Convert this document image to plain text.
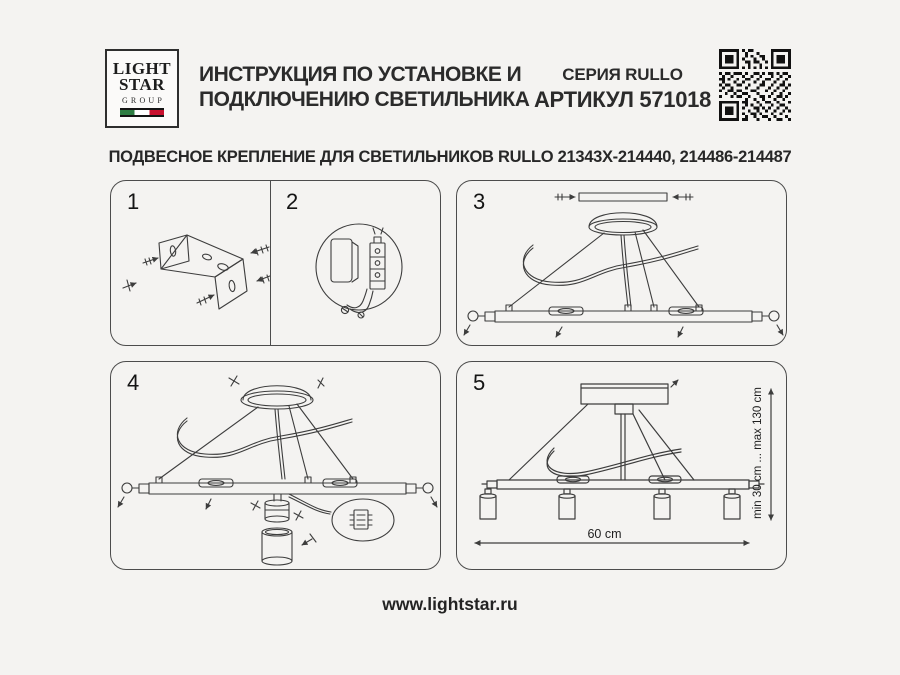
LIGHT
STAR
GROUP
ИНСТРУКЦИЯ ПО УСТАНОВКЕ И
ПОДКЛЮЧЕНИЮ СВЕТИЛЬНИКА
СЕРИЯ RULLO
АРТИКУЛ 571018
ПОДВЕСНОЕ КРЕПЛЕНИЕ ДЛЯ СВЕТИЛЬНИКОВ RULLO 21343X-214440, 214486-214487
1	2	3
4	5
60 cm
min 30 cm ... max 130 cm
www.lightstar.ru
